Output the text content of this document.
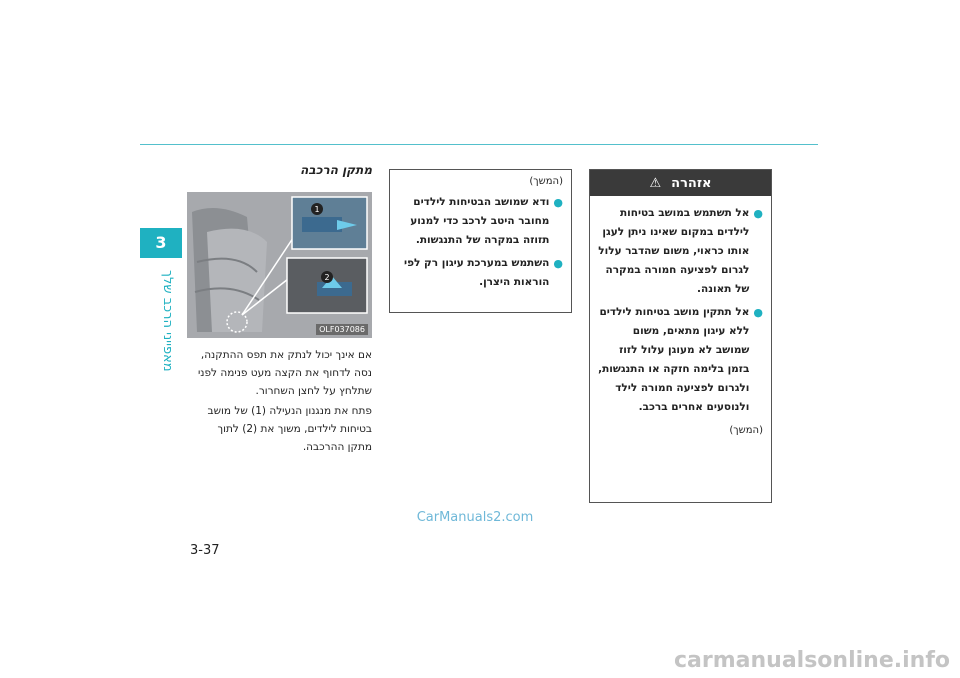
3
מאפייני הרכב שלך
מתקן הרכבה
1
2
OLF037086

אם אינך יכול לנתק את תפס ההתקנה, נסה לדחוף את הקצה מעט פנימה לפני שתלחץ על לחצן השחרור.

פתח את מנגנון הנעילה (1) של מושב בטיחות לילדים, משוך את (2) לתוך מתקן ההרכבה.

(המשך)
●
ודא שמושב הבטיחות לילדים מחובר היטב לרכב כדי למנוע תזוזה במקרה של התנגשות.
●
השתמש במערכת עיגון רק לפי הוראות היצרן.
אזהרה
⚠
●
אל תשתמש במושב בטיחות לילדים במקום שאינו ניתן לעגן אותו כראוי, משום שהדבר עלול לגרום לפציעה חמורה במקרה של תאונה.
●
אל תתקין מושב בטיחות לילדים ללא עיגון מתאים, משום שמושב לא מעוגן עלול לזוז בזמן בלימה חזקה או התנגשות, ולגרום לפציעה חמורה לילד ולנוסעים אחרים ברכב.
(המשך)
CarManuals2.com
3-37
carmanualsonline.info
